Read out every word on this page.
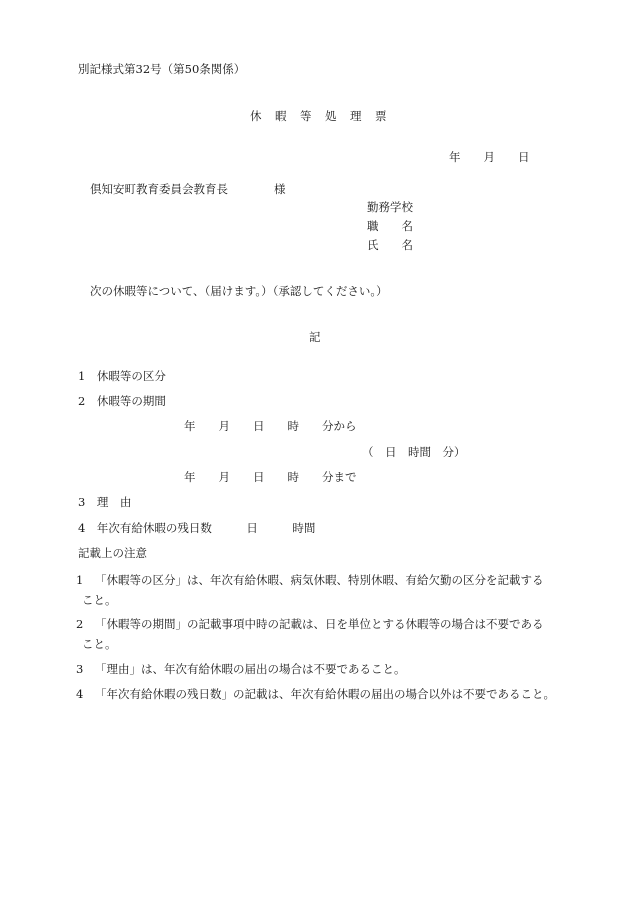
別記様式第32号（第50条関係）
休　暇　等　処　理　票
年　　月　　日
倶知安町教育委員会教育長　　　　様
勤務学校
職　　名
氏　　名
次の休暇等について、（届けます。）（承認してください。）
記
1　休暇等の区分
2　休暇等の期間
年　　月　　日　　時　　分から
（　日　時間　分）
年　　月　　日　　時　　分まで
3　理　由
4　年次有給休暇の残日数　　　日　　　時間
記載上の注意
1	「休暇等の区分」は、年次有給休暇、病気休暇、特別休暇、有給欠勤の区分を記載する
こと。
2	「休暇等の期間」の記載事項中時の記載は、日を単位とする休暇等の場合は不要である
こと。
3	「理由」は、年次有給休暇の届出の場合は不要であること。
4	「年次有給休暇の残日数」の記載は、年次有給休暇の届出の場合以外は不要であること。
